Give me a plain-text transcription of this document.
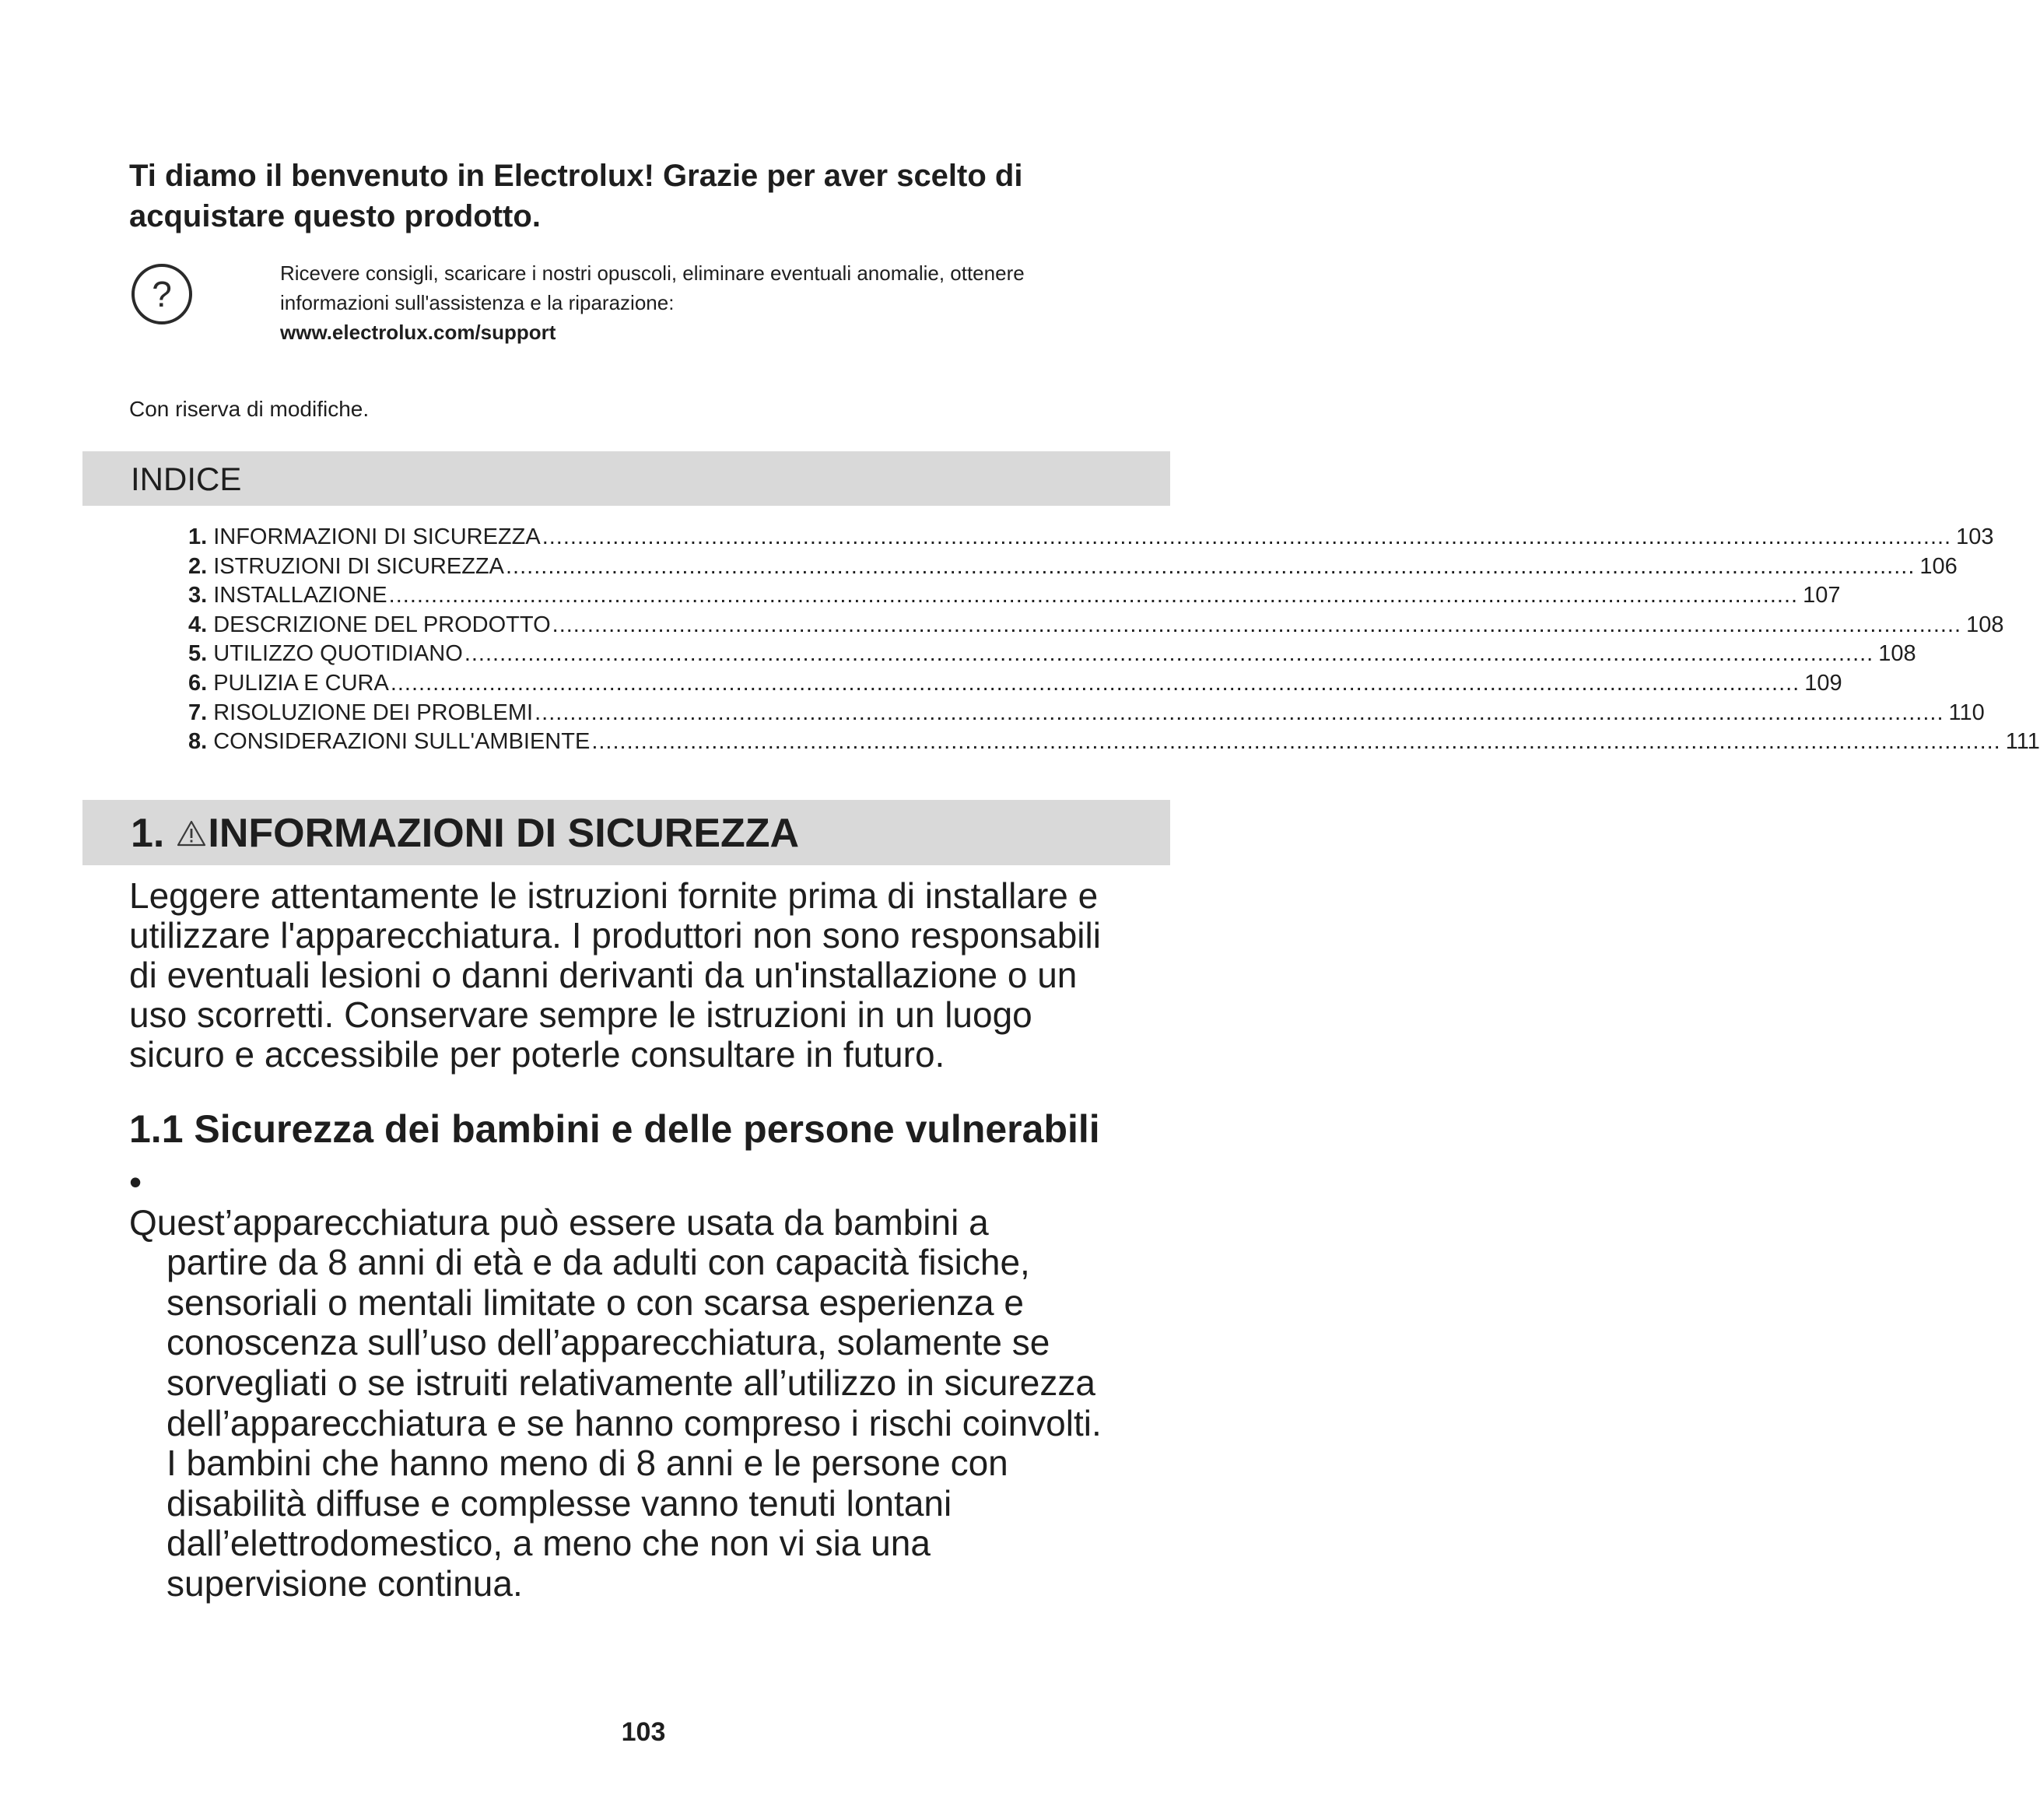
Ti diamo il benvenuto in Electrolux! Grazie per aver scelto di
acquistare questo prodotto.
?
Ricevere consigli, scaricare i nostri opuscoli, eliminare eventuali anomalie, ottenere
informazioni sull'assistenza e la riparazione:
www.electrolux.com/support
Con riserva di modifiche.
INDICE
1. INFORMAZIONI DI SICUREZZA ........................................................................................................................................................................................................ 103
2. ISTRUZIONI DI SICUREZZA ........................................................................................................................................................................................................ 106
3. INSTALLAZIONE ........................................................................................................................................................................................................ 107
4. DESCRIZIONE DEL PRODOTTO ........................................................................................................................................................................................................ 108
5. UTILIZZO QUOTIDIANO ........................................................................................................................................................................................................ 108
6. PULIZIA E CURA ........................................................................................................................................................................................................ 109
7. RISOLUZIONE DEI PROBLEMI ........................................................................................................................................................................................................ 110
8. CONSIDERAZIONI SULL'AMBIENTE ........................................................................................................................................................................................................ 111
1. INFORMAZIONI DI SICUREZZA
Leggere attentamente le istruzioni fornite prima di installare e
utilizzare l'apparecchiatura. I produttori non sono responsabili
di eventuali lesioni o danni derivanti da un'installazione o un
uso scorretti. Conservare sempre le istruzioni in un luogo
sicuro e accessibile per poterle consultare in futuro.
1.1 Sicurezza dei bambini e delle persone vulnerabili
•
Quest’apparecchiatura può essere usata da bambini a
partire da 8 anni di età e da adulti con capacità fisiche,
sensoriali o mentali limitate o con scarsa esperienza e
conoscenza sull’uso dell’apparecchiatura, solamente se
sorvegliati o se istruiti relativamente all’utilizzo in sicurezza
dell’apparecchiatura e se hanno compreso i rischi coinvolti.
I bambini che hanno meno di 8 anni e le persone con
disabilità diffuse e complesse vanno tenuti lontani
dall’elettrodomestico, a meno che non vi sia una
supervisione continua.
103
